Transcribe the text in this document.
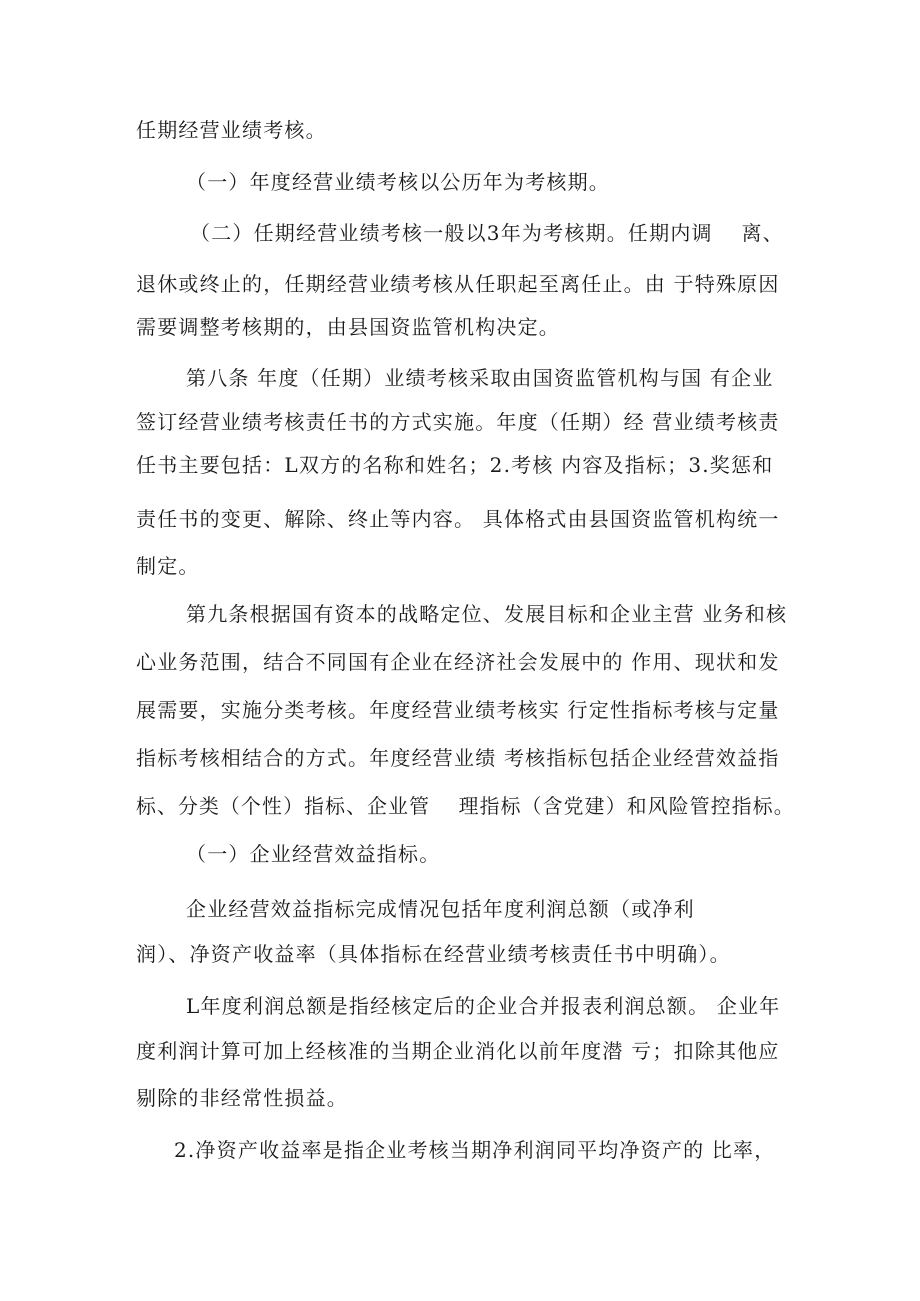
任期经营业绩考核。
（一）年度经营业绩考核以公历年为考核期。
（二）任期经营业绩考核一般以3年为考核期。任期内调　 离、
退休或终止的，任期经营业绩考核从任职起至离任止。由 于特殊原因
需要调整考核期的，由县国资监管机构决定。
第八条 年度（任期）业绩考核采取由国资监管机构与国 有企业
签订经营业绩考核责任书的方式实施。年度（任期）经 营业绩考核责
任书主要包括：L双方的名称和姓名；2.考核 内容及指标；3.奖惩和
责任书的变更、解除、终止等内容。 具体格式由县国资监管机构统一
制定。
第九条根据国有资本的战略定位、发展目标和企业主营 业务和核
心业务范围，结合不同国有企业在经济社会发展中的 作用、现状和发
展需要，实施分类考核。年度经营业绩考核实 行定性指标考核与定量
指标考核相结合的方式。年度经营业绩 考核指标包括企业经营效益指
标、分类（个性）指标、企业管　 理指标（含党建）和风险管控指标。
（一）企业经营效益指标。
企业经营效益指标完成情况包括年度利润总额（或净利
润）、净资产收益率（具体指标在经营业绩考核责任书中明确）。
L年度利润总额是指经核定后的企业合并报表利润总额。 企业年
度利润计算可加上经核准的当期企业消化以前年度潜 亏；扣除其他应
剔除的非经常性损益。
2.净资产收益率是指企业考核当期净利润同平均净资产的 比率，
